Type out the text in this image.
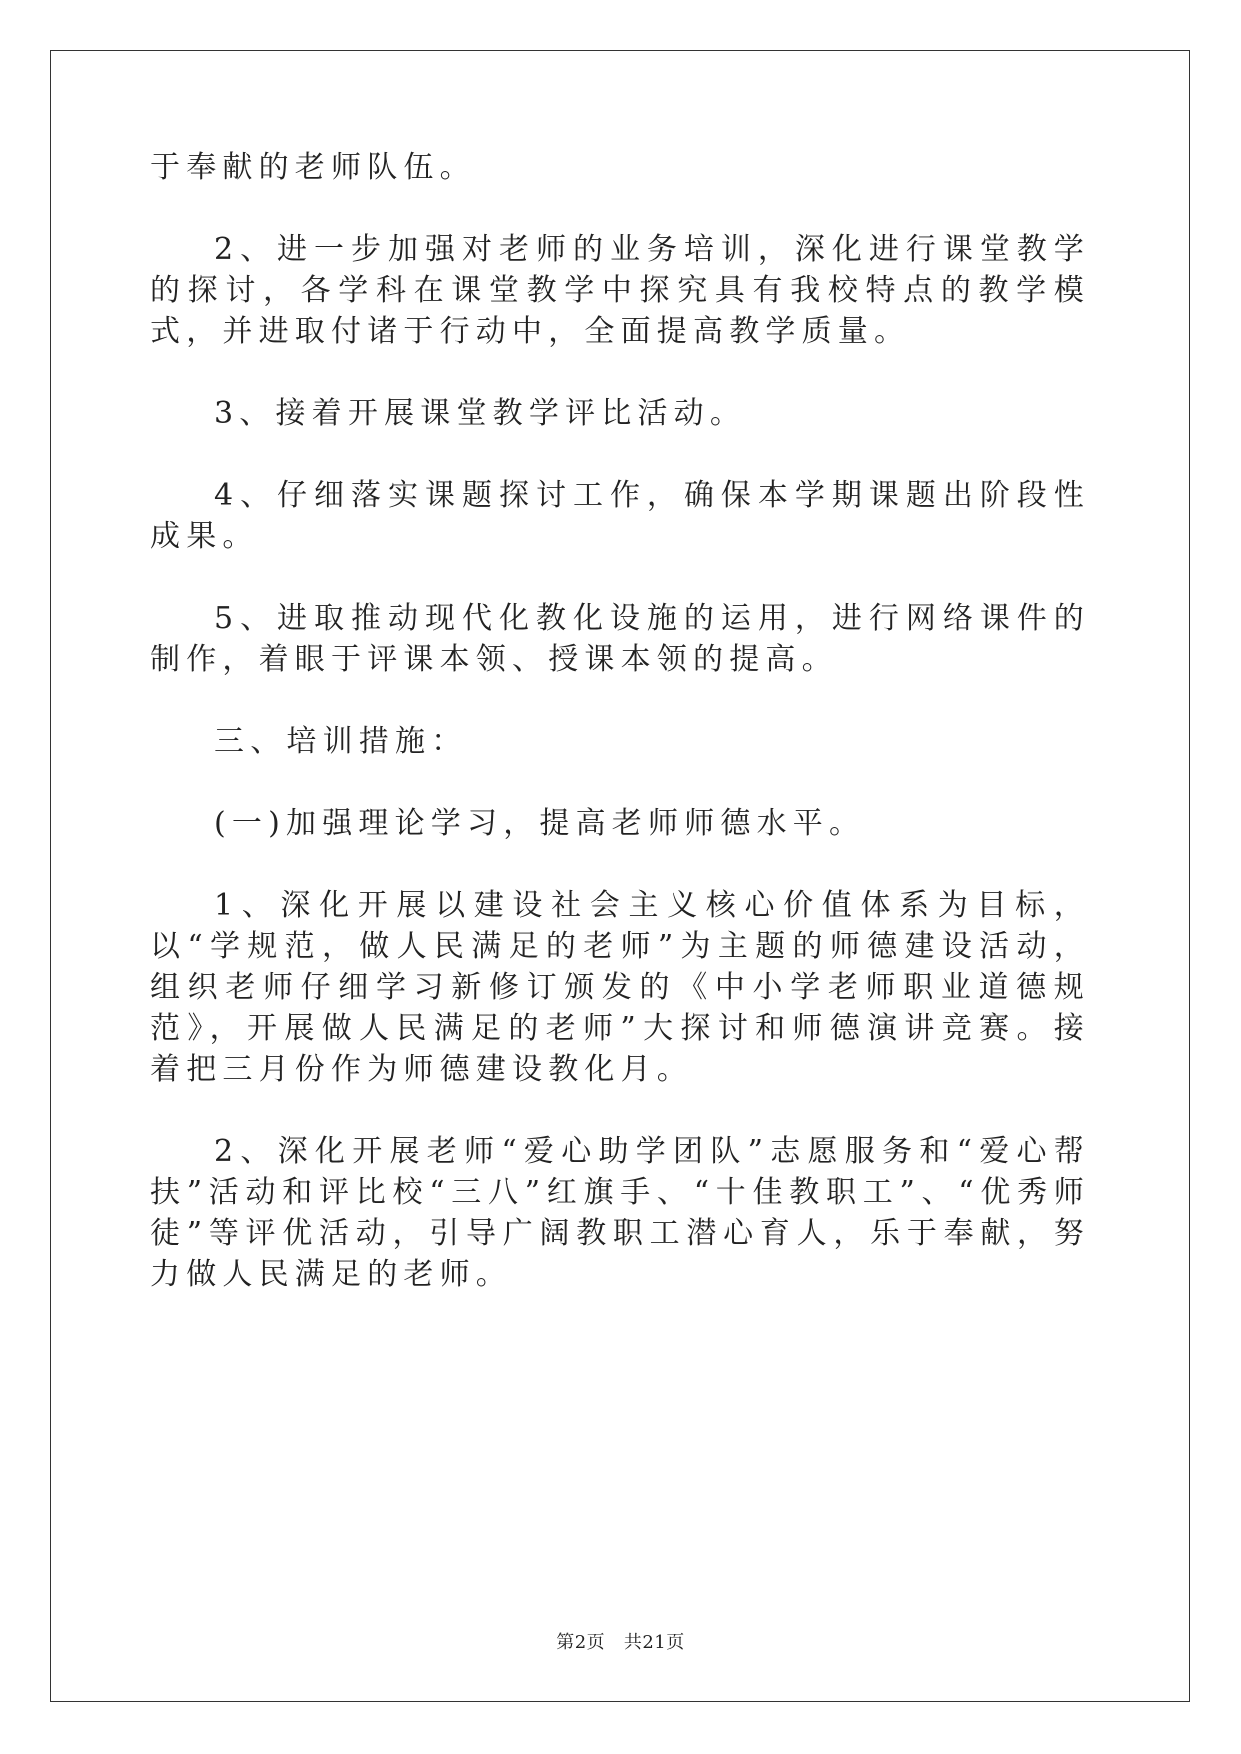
于奉献的老师队伍。

2、进一步加强对老师的业务培训，深化进行课堂教学的探讨，各学科在课堂教学中探究具有我校特点的教学模式，并进取付诸于行动中，全面提高教学质量。

3、接着开展课堂教学评比活动。

4、仔细落实课题探讨工作，确保本学期课题出阶段性成果。

5、进取推动现代化教化设施的运用，进行网络课件的制作，着眼于评课本领、授课本领的提高。

三、培训措施：

(一)加强理论学习，提高老师师德水平。

1、深化开展以建设社会主义核心价值体系为目标，以“学规范，做人民满足的老师”为主题的师德建设活动，组织老师仔细学习新修订颁发的《中小学老师职业道德规范》，开展做人民满足的老师”大探讨和师德演讲竞赛。接着把三月份作为师德建设教化月。

2、深化开展老师“爱心助学团队”志愿服务和“爱心帮扶”活动和评比校“三八”红旗手、“十佳教职工”、“优秀师徒”等评优活动，引导广阔教职工潜心育人，乐于奉献，努力做人民满足的老师。

第2页   共21页
